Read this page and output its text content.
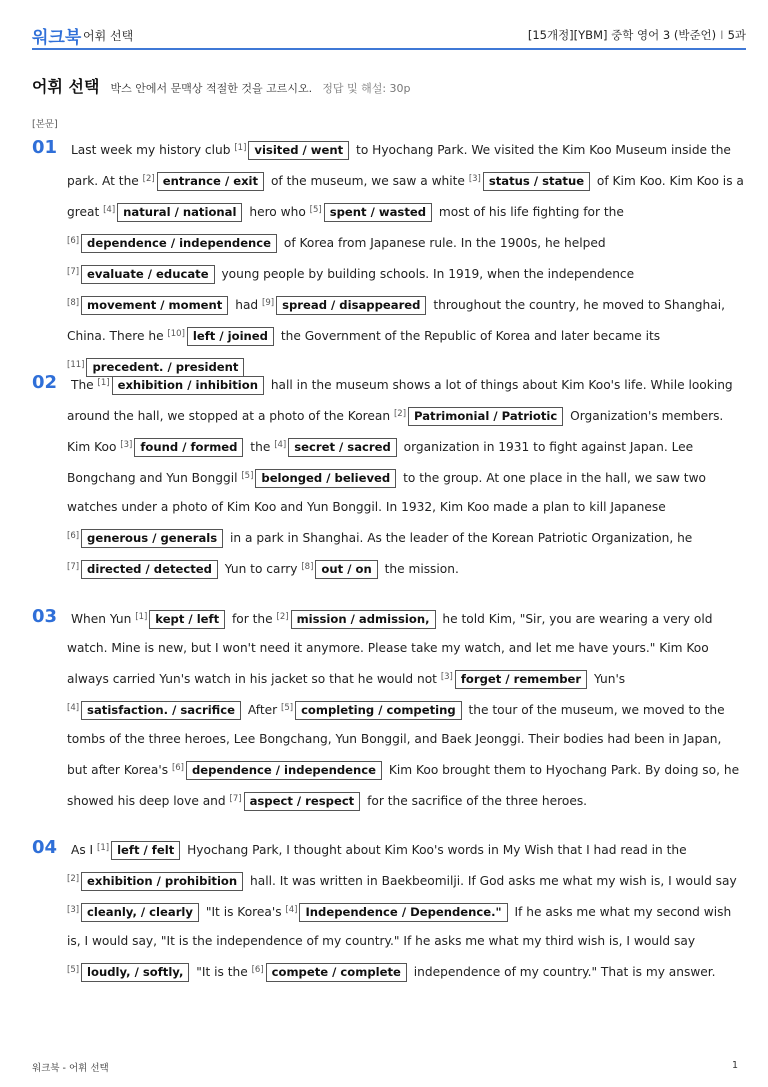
워크북 어휘 선택	[15개정][YBM] 중학 영어 3 (박준언) I 5과
어휘 선택 박스 안에서 문맥상 적절한 것을 고르시오. 정답 및 해설: 30p
[본문]
01	Last week my history club [1] visited / went to Hyochang Park. We visited the Kim Koo Museum inside the park. At the [2] entrance / exit of the museum, we saw a white [3] status / statue of Kim Koo. Kim Koo is a great [4] natural / national hero who [5] spent / wasted most of his life fighting for the [6] dependence / independence of Korea from Japanese rule. In the 1900s, he helped [7] evaluate / educate young people by building schools. In 1919, when the independence [8] movement / moment had [9] spread / disappeared throughout the country, he moved to Shanghai, China. There he [10] left / joined the Government of the Republic of Korea and later became its [11] precedent. / president
02	The [1] exhibition / inhibition hall in the museum shows a lot of things about Kim Koo's life. While looking around the hall, we stopped at a photo of the Korean [2] Patrimonial / Patriotic Organization's members. Kim Koo [3] found / formed the [4] secret / sacred organization in 1931 to fight against Japan. Lee Bongchang and Yun Bonggil [5] belonged / believed to the group. At one place in the hall, we saw two watches under a photo of Kim Koo and Yun Bonggil. In 1932, Kim Koo made a plan to kill Japanese [6] generous / generals in a park in Shanghai. As the leader of the Korean Patriotic Organization, he [7] directed / detected Yun to carry [8] out / on the mission.
03	When Yun [1] kept / left for the [2] mission / admission, he told Kim, "Sir, you are wearing a very old watch. Mine is new, but I won't need it anymore. Please take my watch, and let me have yours." Kim Koo always carried Yun's watch in his jacket so that he would not [3] forget / remember Yun's [4] satisfaction. / sacrifice After [5] completing / competing the tour of the museum, we moved to the tombs of the three heroes, Lee Bongchang, Yun Bonggil, and Baek Jeonggi. Their bodies had been in Japan, but after Korea's [6] dependence / independence Kim Koo brought them to Hyochang Park. By doing so, he showed his deep love and [7] aspect / respect for the sacrifice of the three heroes.
04	As I [1] left / felt Hyochang Park, I thought about Kim Koo's words in My Wish that I had read in the [2] exhibition / prohibition hall. It was written in Baekbeomilji. If God asks me what my wish is, I would say [3] cleanly, / clearly "It is Korea's [4] Independence / Dependence." If he asks me what my second wish is, I would say, "It is the independence of my country." If he asks me what my third wish is, I would say [5] loudly, / softly, "It is the [6] compete / complete independence of my country." That is my answer.
워크북 - 어휘 선택	1
